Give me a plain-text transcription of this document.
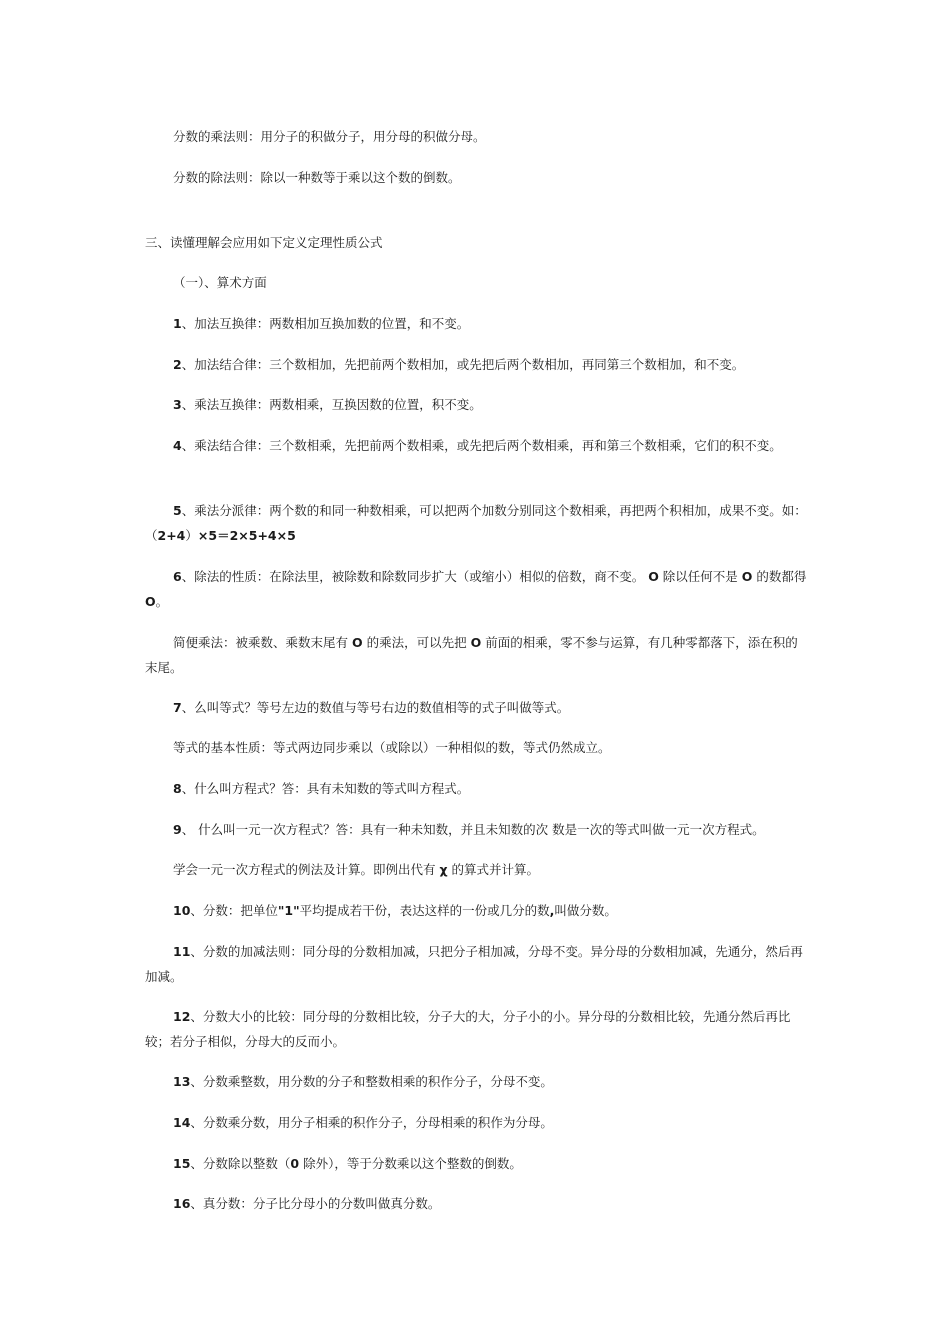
分数的乘法则：用分子的积做分子，用分母的积做分母。

分数的除法则：除以一种数等于乘以这个数的倒数。

三、读懂理解会应用如下定义定理性质公式

（一）、算术方面

1、加法互换律：两数相加互换加数的位置，和不变。

2、加法结合律：三个数相加，先把前两个数相加，或先把后两个数相加，再同第三个数相加，和不变。

3、乘法互换律：两数相乘，互换因数的位置，积不变。

4、乘法结合律：三个数相乘，先把前两个数相乘，或先把后两个数相乘，再和第三个数相乘，它们的积不变。

5、乘法分派律：两个数的和同一种数相乘，可以把两个加数分别同这个数相乘，再把两个积相加，成果不变。如：（2+4）×5＝2×5+4×5

6、除法的性质：在除法里，被除数和除数同步扩大（或缩小）相似的倍数，商不变。 O 除以任何不是 O 的数都得 O。

简便乘法：被乘数、乘数末尾有 O 的乘法，可以先把 O 前面的相乘，零不参与运算，有几种零都落下，添在积的末尾。

7、么叫等式？等号左边的数值与等号右边的数值相等的式子叫做等式。

等式的基本性质：等式两边同步乘以（或除以）一种相似的数，等式仍然成立。

8、什么叫方程式？答：具有未知数的等式叫方程式。

9、 什么叫一元一次方程式？答：具有一种未知数，并且未知数的次 数是一次的等式叫做一元一次方程式。

学会一元一次方程式的例法及计算。即例出代有 χ 的算式并计算。

10、分数：把单位"1"平均提成若干份，表达这样的一份或几分的数,叫做分数。

11、分数的加减法则：同分母的分数相加减，只把分子相加减，分母不变。异分母的分数相加减，先通分，然后再加减。

12、分数大小的比较：同分母的分数相比较，分子大的大，分子小的小。异分母的分数相比较，先通分然后再比较；若分子相似，分母大的反而小。

13、分数乘整数，用分数的分子和整数相乘的积作分子，分母不变。

14、分数乘分数，用分子相乘的积作分子，分母相乘的积作为分母。

15、分数除以整数（0 除外），等于分数乘以这个整数的倒数。

16、真分数：分子比分母小的分数叫做真分数。
